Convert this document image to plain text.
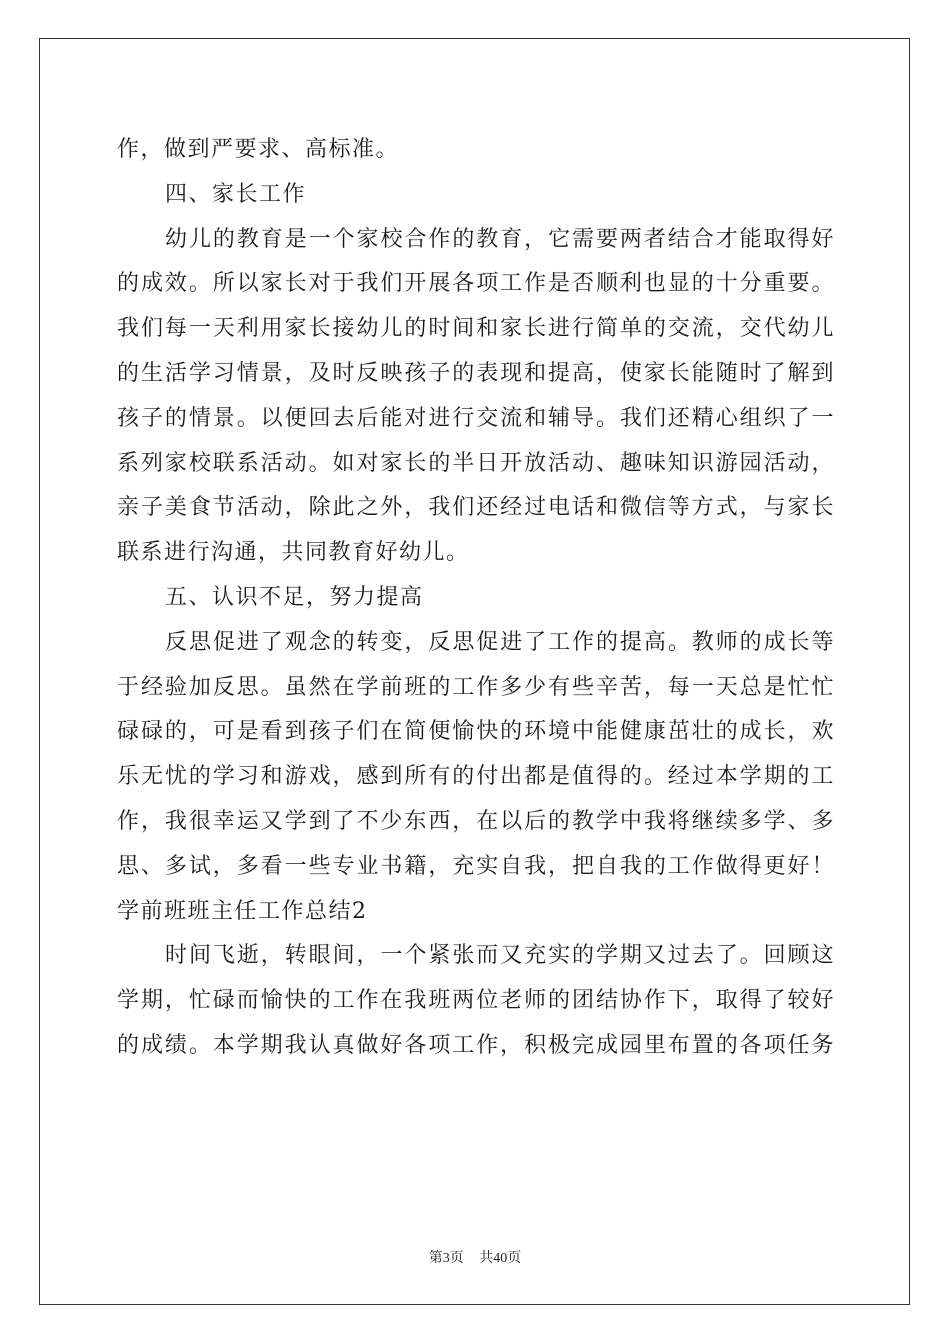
作，做到严要求、高标准。
四、家长工作
幼儿的教育是一个家校合作的教育，它需要两者结合才能取得好
的成效。所以家长对于我们开展各项工作是否顺利也显的十分重要。
我们每一天利用家长接幼儿的时间和家长进行简单的交流，交代幼儿
的生活学习情景，及时反映孩子的表现和提高，使家长能随时了解到
孩子的情景。以便回去后能对进行交流和辅导。我们还精心组织了一
系列家校联系活动。如对家长的半日开放活动、趣味知识游园活动，
亲子美食节活动，除此之外，我们还经过电话和微信等方式，与家长
联系进行沟通，共同教育好幼儿。
五、认识不足，努力提高
反思促进了观念的转变，反思促进了工作的提高。教师的成长等
于经验加反思。虽然在学前班的工作多少有些辛苦，每一天总是忙忙
碌碌的，可是看到孩子们在简便愉快的环境中能健康茁壮的成长，欢
乐无忧的学习和游戏，感到所有的付出都是值得的。经过本学期的工
作，我很幸运又学到了不少东西，在以后的教学中我将继续多学、多
思、多试，多看一些专业书籍，充实自我，把自我的工作做得更好！
学前班班主任工作总结2
时间飞逝，转眼间，一个紧张而又充实的学期又过去了。回顾这
学期，忙碌而愉快的工作在我班两位老师的团结协作下，取得了较好
的成绩。本学期我认真做好各项工作，积极完成园里布置的各项任务
第3页 共40页
